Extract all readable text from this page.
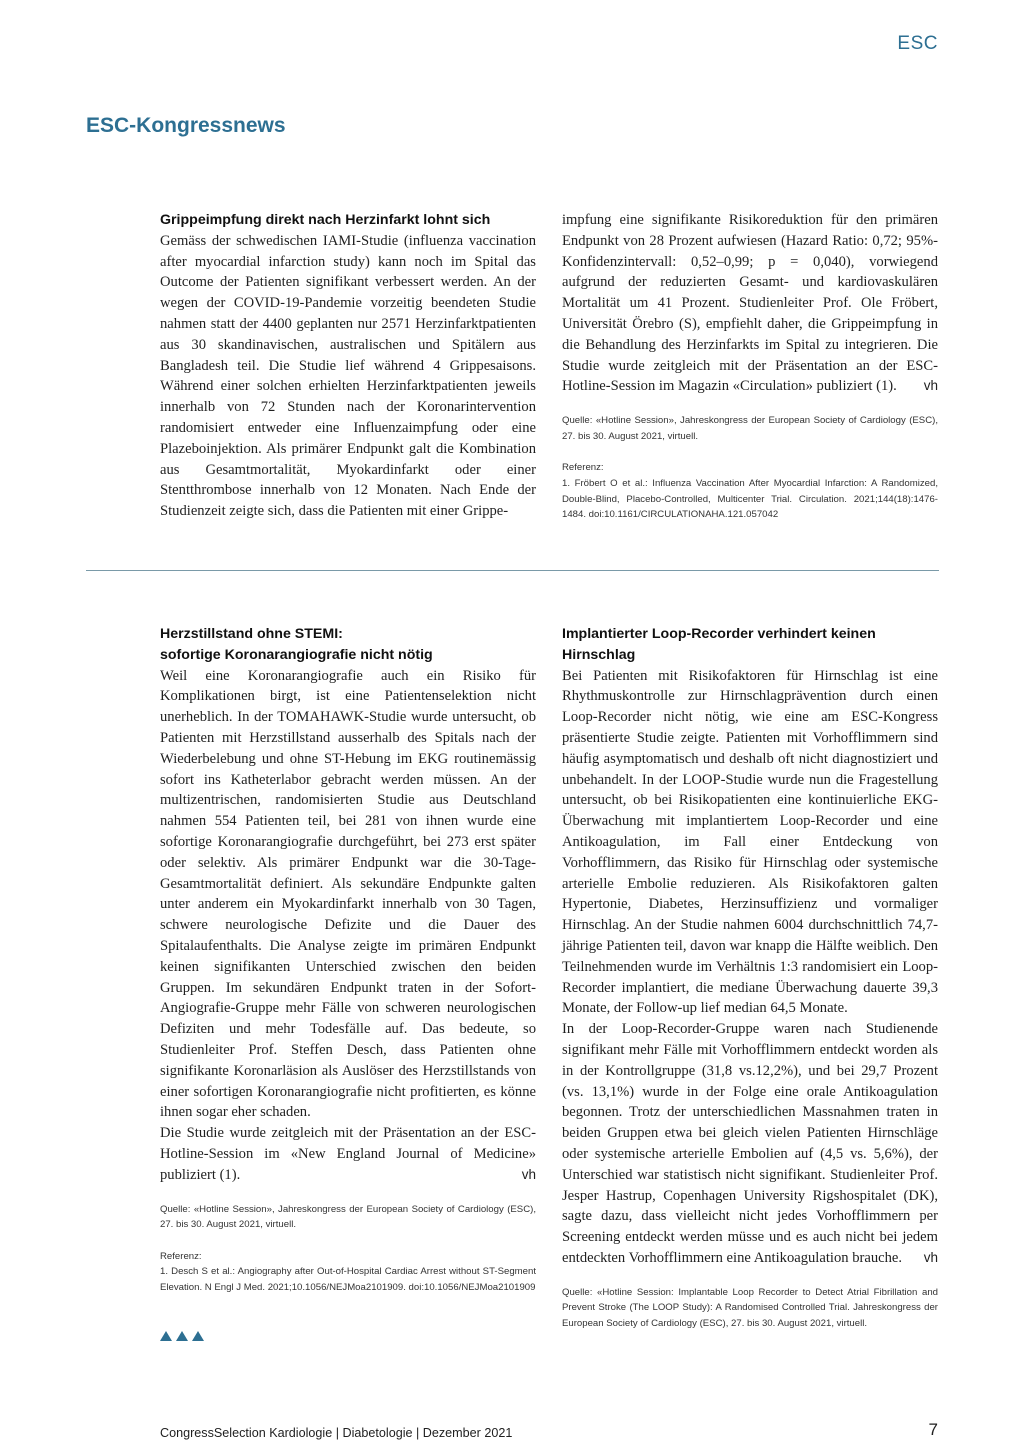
ESC
ESC-Kongressnews
Grippeimpfung direkt nach Herzinfarkt lohnt sich

Gemäss der schwedischen IAMI-Studie (influenza vaccination after myocardial infarction study) kann noch im Spital das Outcome der Patienten signifikant verbessert werden. An der wegen der COVID-19-Pandemie vorzeitig beendeten Studie nahmen statt der 4400 geplanten nur 2571 Herzinfarktpatienten aus 30 skandinavischen, australischen und Spitälern aus Bangladesh teil. Die Studie lief während 4 Grippesaisons. Während einer solchen erhielten Herzinfarktpatienten jeweils innerhalb von 72 Stunden nach der Koronarintervention randomisiert entweder eine Influenzaimpfung oder eine Plazeboinjektion. Als primärer Endpunkt galt die Kombination aus Gesamtmortalität, Myokardinfarkt oder einer Stentthrombose innerhalb von 12 Monaten. Nach Ende der Studienzeit zeigte sich, dass die Patienten mit einer Grippe-

impfung eine signifikante Risikoreduktion für den primären Endpunkt von 28 Prozent aufwiesen (Hazard Ratio: 0,72; 95%-Konfidenzintervall: 0,52–0,99; p = 0,040), vorwiegend aufgrund der reduzierten Gesamt- und kardiovaskulären Mortalität um 41 Prozent. Studienleiter Prof. Ole Fröbert, Universität Örebro (S), empfiehlt daher, die Grippeimpfung in die Behandlung des Herzinfarkts im Spital zu integrieren. Die Studie wurde zeitgleich mit der Präsentation an der ESC-Hotline-Session im Magazin «Circulation» publiziert (1). vh

Quelle: «Hotline Session», Jahreskongress der European Society of Cardiology (ESC), 27. bis 30. August 2021, virtuell.

Referenz:

1. Fröbert O et al.: Influenza Vaccination After Myocardial Infarction: A Randomized, Double-Blind, Placebo-Controlled, Multicenter Trial. Circulation. 2021;144(18):1476-1484. doi:10.1161/CIRCULATIONAHA.121.057042

Herzstillstand ohne STEMI:
sofortige Koronarangiografie nicht nötig

Weil eine Koronarangiografie auch ein Risiko für Komplikationen birgt, ist eine Patientenselektion nicht unerheblich. In der TOMAHAWK-Studie wurde untersucht, ob Patienten mit Herzstillstand ausserhalb des Spitals nach der Wiederbelebung und ohne ST-Hebung im EKG routinemässig sofort ins Katheterlabor gebracht werden müssen. An der multizentrischen, randomisierten Studie aus Deutschland nahmen 554 Patienten teil, bei 281 von ihnen wurde eine sofortige Koronarangiografie durchgeführt, bei 273 erst später oder selektiv. Als primärer Endpunkt war die 30-Tage-Gesamtmortalität definiert. Als sekundäre Endpunkte galten unter anderem ein Myokardinfarkt innerhalb von 30 Tagen, schwere neurologische Defizite und die Dauer des Spitalaufenthalts. Die Analyse zeigte im primären Endpunkt keinen signifikanten Unterschied zwischen den beiden Gruppen. Im sekundären Endpunkt traten in der Sofort-Angiografie-Gruppe mehr Fälle von schweren neurologischen Defiziten und mehr Todesfälle auf. Das bedeute, so Studienleiter Prof. Steffen Desch, dass Patienten ohne signifikante Koronarläsion als Auslöser des Herzstillstands von einer sofortigen Koronarangiografie nicht profitierten, es könne ihnen sogar eher schaden.

Die Studie wurde zeitgleich mit der Präsentation an der ESC-Hotline-Session im «New England Journal of Medicine» publiziert (1).	vh

Quelle: «Hotline Session», Jahreskongress der European Society of Cardiology (ESC), 27. bis 30. August 2021, virtuell.

Referenz:

1. Desch S et al.: Angiography after Out-of-Hospital Cardiac Arrest without ST-Segment Elevation. N Engl J Med. 2021;10.1056/NEJMoa2101909. doi:10.1056/NEJMoa2101909

Implantierter Loop-Recorder verhindert keinen Hirnschlag

Bei Patienten mit Risikofaktoren für Hirnschlag ist eine Rhythmuskontrolle zur Hirnschlagprävention durch einen Loop-Recorder nicht nötig, wie eine am ESC-Kongress präsentierte Studie zeigte. Patienten mit Vorhofflimmern sind häufig asymptomatisch und deshalb oft nicht diagnostiziert und unbehandelt. In der LOOP-Studie wurde nun die Fragestellung untersucht, ob bei Risikopatienten eine kontinuierliche EKG-Überwachung mit implantiertem Loop-Recorder und eine Antikoagulation, im Fall einer Entdeckung von Vorhofflimmern, das Risiko für Hirnschlag oder systemische arterielle Embolie reduzieren. Als Risikofaktoren galten Hypertonie, Diabetes, Herzinsuffizienz und vormaliger Hirnschlag. An der Studie nahmen 6004 durchschnittlich 74,7-jährige Patienten teil, davon war knapp die Hälfte weiblich. Den Teilnehmenden wurde im Verhältnis 1:3 randomisiert ein Loop-Recorder implantiert, die mediane Überwachung dauerte 39,3 Monate, der Follow-up lief median 64,5 Monate.

In der Loop-Recorder-Gruppe waren nach Studienende signifikant mehr Fälle mit Vorhofflimmern entdeckt worden als in der Kontrollgruppe (31,8 vs.12,2%), und bei 29,7 Prozent (vs. 13,1%) wurde in der Folge eine orale Antikoagulation begonnen. Trotz der unterschiedlichen Massnahmen traten in beiden Gruppen etwa bei gleich vielen Patienten Hirnschläge oder systemische arterielle Embolien auf (4,5 vs. 5,6%), der Unterschied war statistisch nicht signifikant. Studienleiter Prof. Jesper Hastrup, Copenhagen University Rigshospitalet (DK), sagte dazu, dass vielleicht nicht jedes Vorhofflimmern per Screening entdeckt werden müsse und es auch nicht bei jedem entdeckten Vorhofflimmern eine Antikoagulation brauche. vh

Quelle: «Hotline Session: Implantable Loop Recorder to Detect Atrial Fibrillation and Prevent Stroke (The LOOP Study): A Randomised Controlled Trial. Jahreskongress der European Society of Cardiology (ESC), 27. bis 30. August 2021, virtuell.

CongressSelection Kardiologie | Diabetologie | Dezember 2021	7
